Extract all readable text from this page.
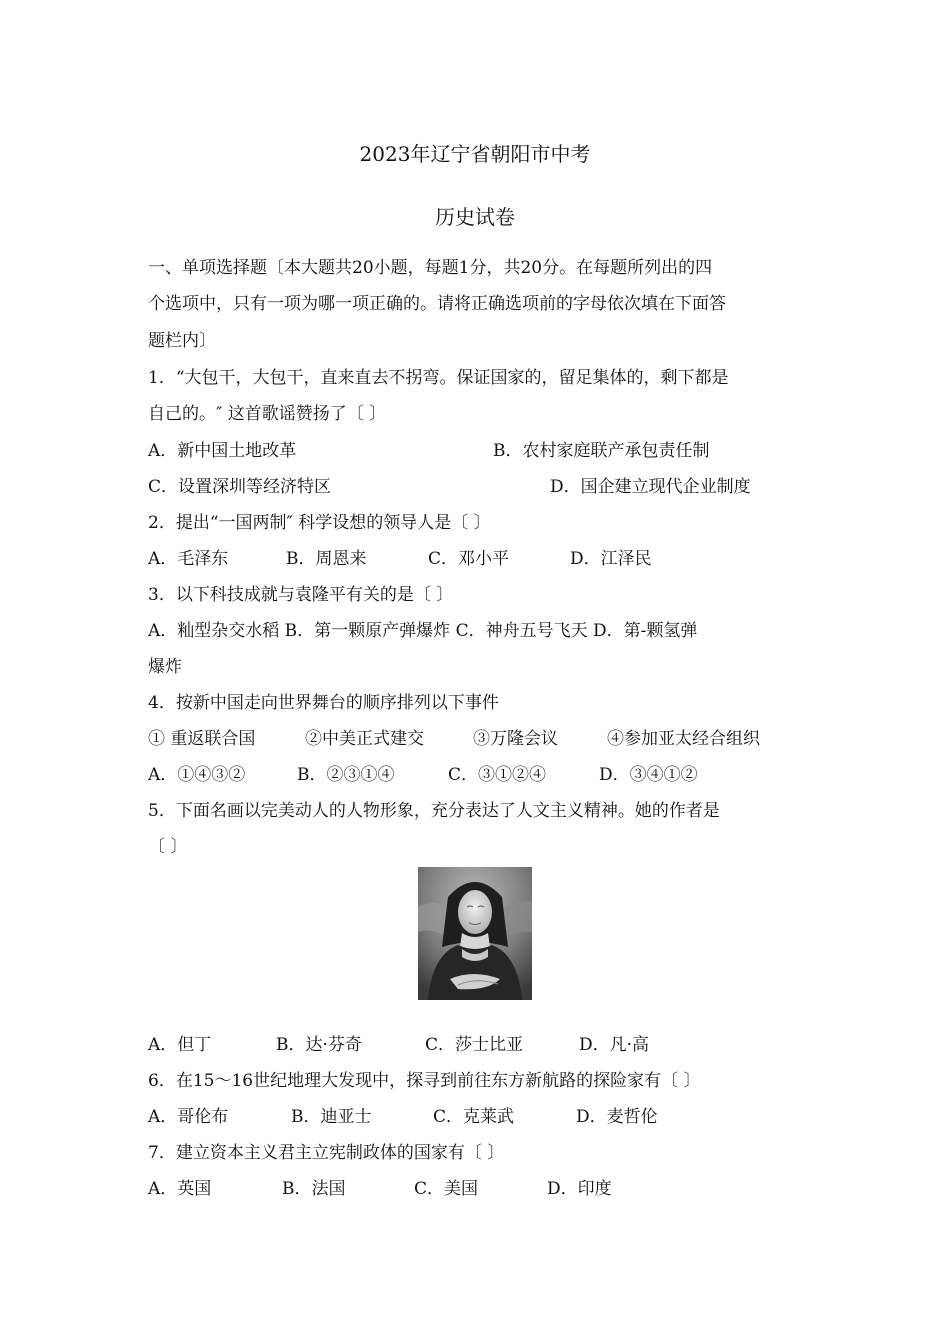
2023年辽宁省朝阳市中考
历史试卷
一、单项选择题〔本大题共20小题，每题1分，共20分。在每题所列出的四
个选项中，只有一项为哪一项正确的。请将正确选项前的字母依次填在下面答
题栏内〕
1．“大包干，大包干，直来直去不拐弯。保证国家的，留足集体的，剩下都是
自己的。″ 这首歌谣赞扬了〔 〕
A．新中国土地改革	B．农村家庭联产承包责任制
C．设置深圳等经济特区	D．国企建立现代企业制度
2．提出“一国两制″ 科学设想的领导人是〔 〕
A．毛泽东	B．周恩来	C．邓小平	D．江泽民
3．以下科技成就与袁隆平有关的是〔 〕
A．籼型杂交水稻 B．第一颗原产弹爆炸 C．神舟五号飞天 D．第-颗氢弹
爆炸
4．按新中国走向世界舞台的顺序排列以下事件
① 重返联合国	②中美正式建交	③万隆会议	④参加亚太经合组织
A．①④③②	B．②③①④	C．③①②④	D．③④①②
5．下面名画以完美动人的人物形象，充分表达了人文主义精神。她的作者是
〔 〕
A．但丁	B．达·芬奇	C．莎士比亚	D．凡·高
6．在15～16世纪地理大发现中，探寻到前往东方新航路的探险家有〔 〕
A．哥伦布	B．迪亚士	C．克莱武	D．麦哲伦
7．建立资本主义君主立宪制政体的国家有〔 〕
A．英国	B．法国	C．美国	D．印度
